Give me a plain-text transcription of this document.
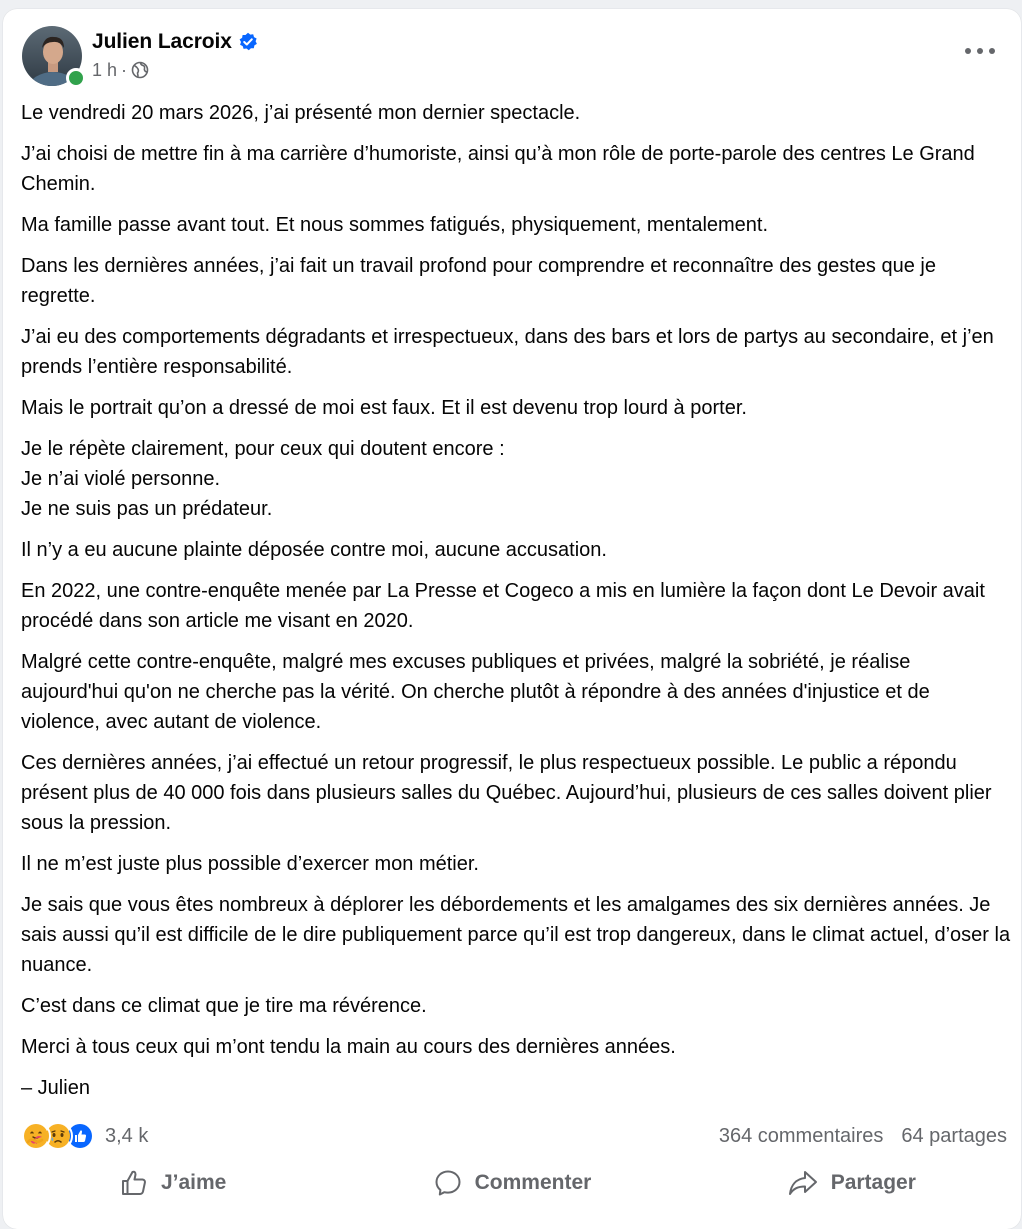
Julien Lacroix
1 h ·

Le vendredi 20 mars 2026, j’ai présenté mon dernier spectacle.

J’ai choisi de mettre fin à ma carrière d’humoriste, ainsi qu’à mon rôle de porte-parole des centres Le Grand Chemin.

Ma famille passe avant tout. Et nous sommes fatigués, physiquement, mentalement.

Dans les dernières années, j’ai fait un travail profond pour comprendre et reconnaître des gestes que je regrette.

J’ai eu des comportements dégradants et irrespectueux, dans des bars et lors de partys au secondaire, et j’en prends l’entière responsabilité.

Mais le portrait qu’on a dressé de moi est faux. Et il est devenu trop lourd à porter.

Je le répète clairement, pour ceux qui doutent encore :
Je n’ai violé personne.
Je ne suis pas un prédateur.

Il n’y a eu aucune plainte déposée contre moi, aucune accusation.

En 2022, une contre-enquête menée par La Presse et Cogeco a mis en lumière la façon dont Le Devoir avait procédé dans son article me visant en 2020.

Malgré cette contre-enquête, malgré mes excuses publiques et privées, malgré la sobriété, je réalise aujourd'hui qu'on ne cherche pas la vérité. On cherche plutôt à répondre à des années d'injustice et de violence, avec autant de violence.

Ces dernières années, j’ai effectué un retour progressif, le plus respectueux possible. Le public a répondu présent plus de 40 000 fois dans plusieurs salles du Québec. Aujourd’hui, plusieurs de ces salles doivent plier sous la pression.

Il ne m’est juste plus possible d’exercer mon métier.

Je sais que vous êtes nombreux à déplorer les débordements et les amalgames des six dernières années. Je sais aussi qu’il est difficile de le dire publiquement parce qu’il est trop dangereux, dans le climat actuel, d’oser la nuance.

C’est dans ce climat que je tire ma révérence.

Merci à tous ceux qui m’ont tendu la main au cours des dernières années.

– Julien

3,4 k	364 commentaires 64 partages
J’aime	Commenter	Partager
